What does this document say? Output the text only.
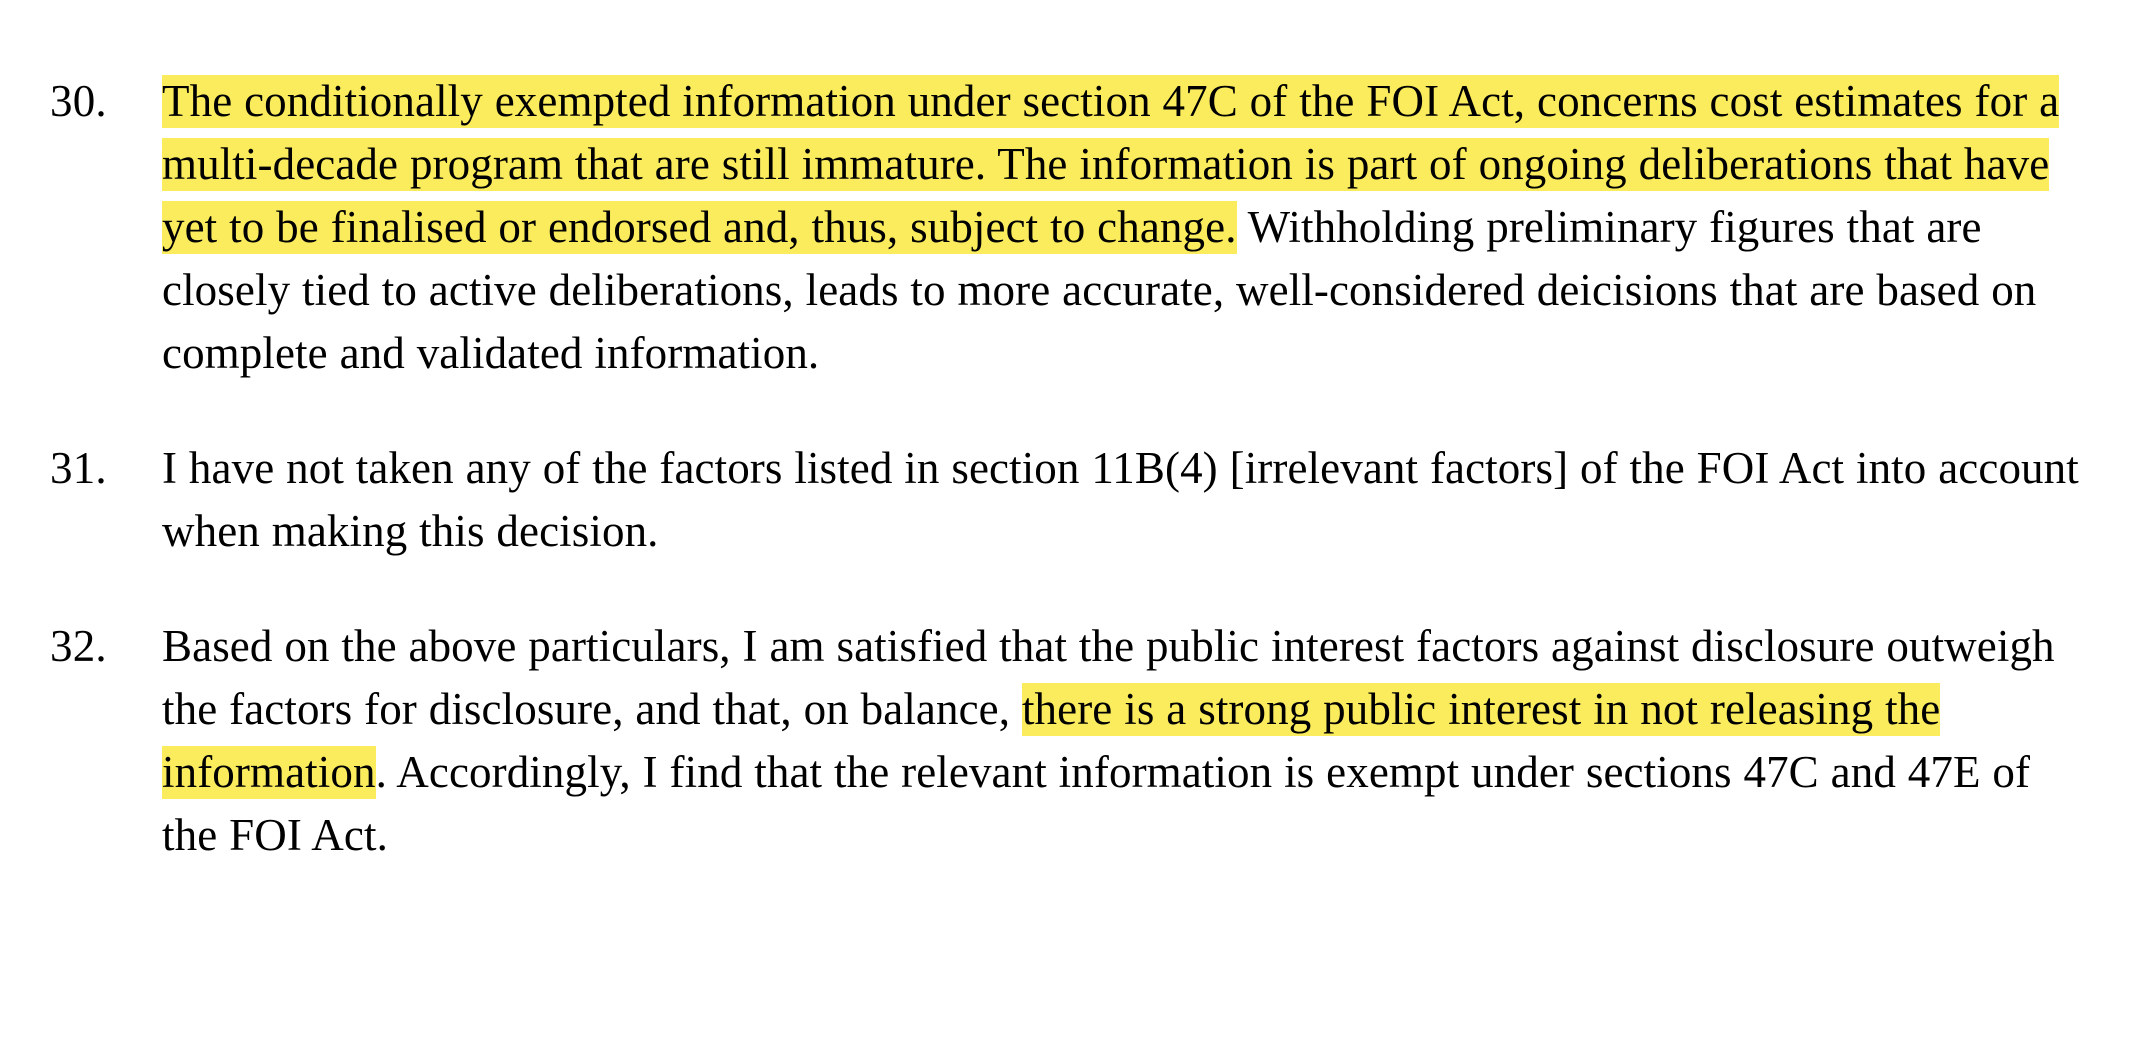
30.	The conditionally exempted information under section 47C of the FOI Act, concerns cost estimates for a multi-decade program that are still immature. The information is part of ongoing deliberations that have yet to be finalised or endorsed and, thus, subject to change. Withholding preliminary figures that are closely tied to active deliberations, leads to more accurate, well-considered deicisions that are based on complete and validated information.
31.	I have not taken any of the factors listed in section 11B(4) [irrelevant factors] of the FOI Act into account when making this decision.
32.	Based on the above particulars, I am satisfied that the public interest factors against disclosure outweigh the factors for disclosure, and that, on balance, there is a strong public interest in not releasing the information. Accordingly, I find that the relevant information is exempt under sections 47C and 47E of the FOI Act.
